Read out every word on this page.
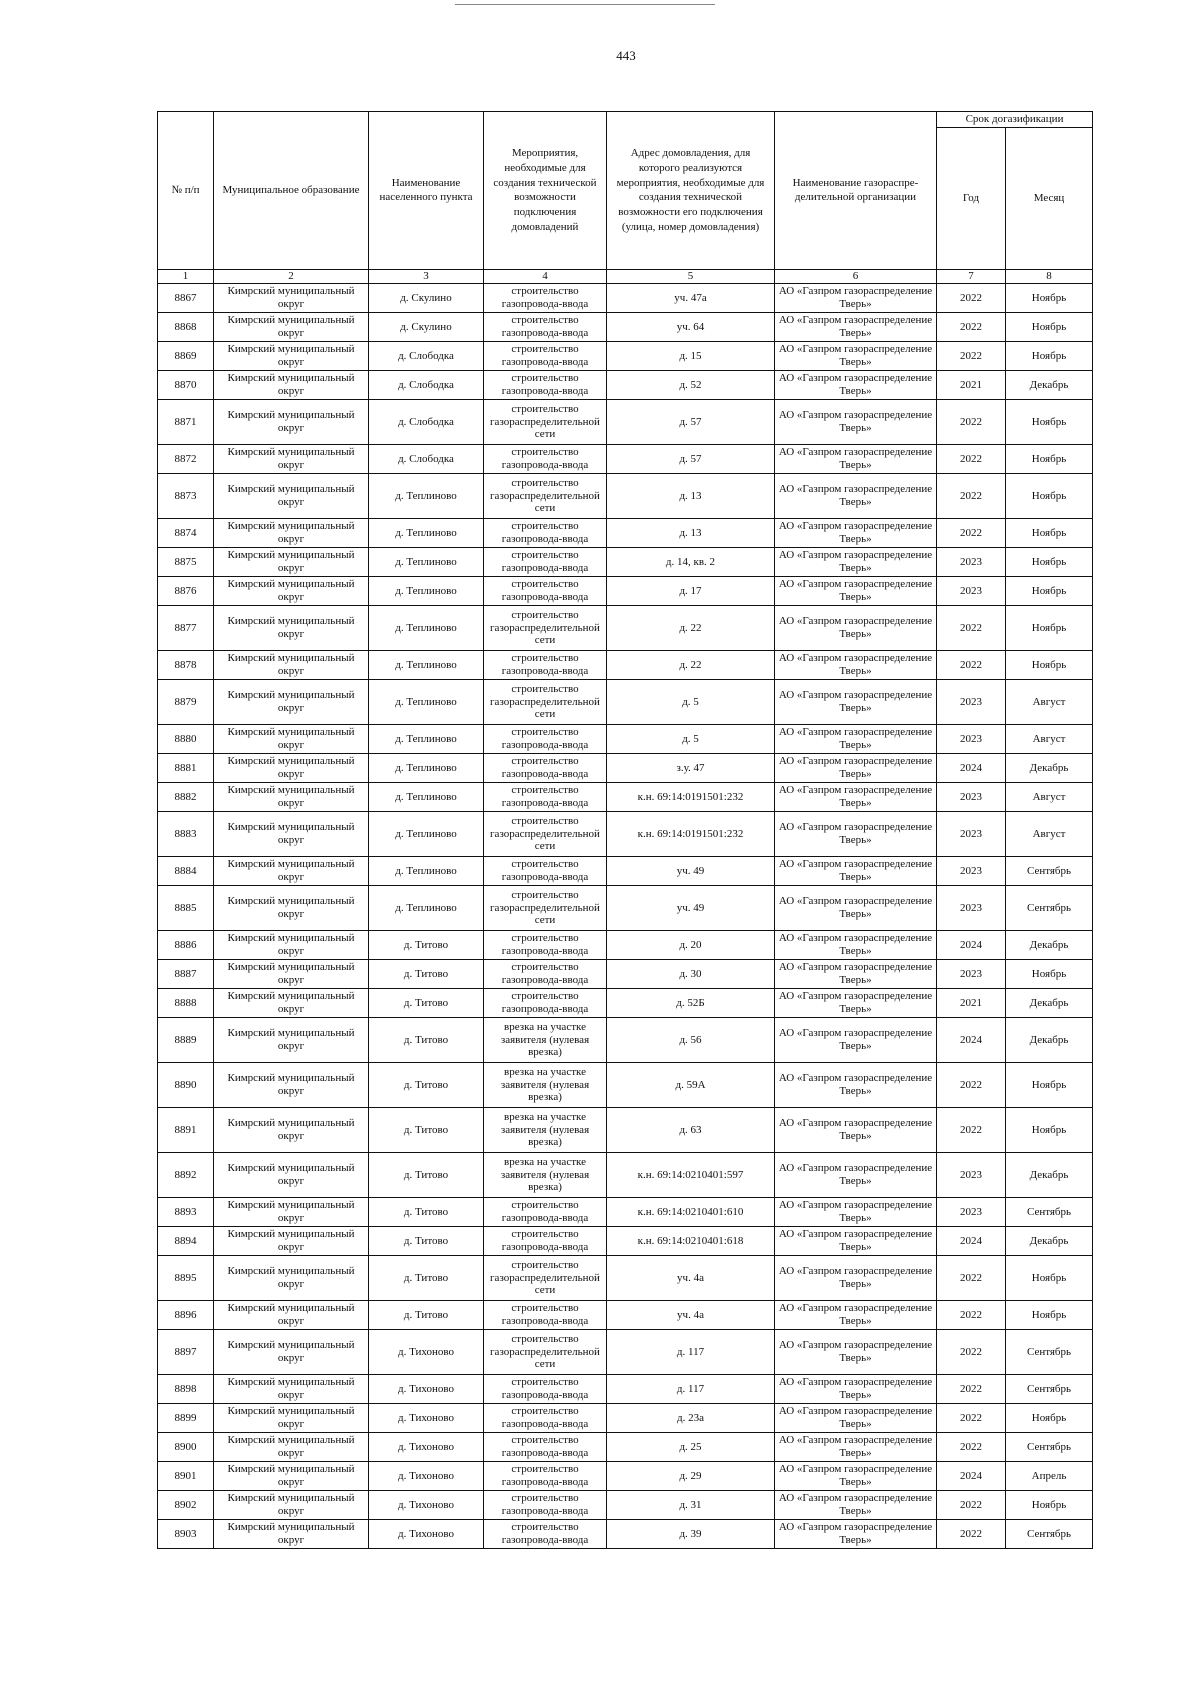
443
№ п/п	Муниципальное образование	Наименование населенного пункта	Мероприятия, необходимые для создания технической возможности подключения домовладений	Адрес домовладения, для которого реализуются мероприятия, необходимые для создания технической возможности его подключения (улица, номер домовладения)	Наименование газораспре-делительной организации	Срок догазификации	
						Год	Месяц
1	2	3	4	5	6	7	8
8867	Кимрский муниципальный округ	д. Скулино	строительство газопровода-ввода	уч. 47а	АО «Газпром газораспределение Тверь»	2022	Ноябрь
8868	Кимрский муниципальный округ	д. Скулино	строительство газопровода-ввода	уч. 64	АО «Газпром газораспределение Тверь»	2022	Ноябрь
8869	Кимрский муниципальный округ	д. Слободка	строительство газопровода-ввода	д. 15	АО «Газпром газораспределение Тверь»	2022	Ноябрь
8870	Кимрский муниципальный округ	д. Слободка	строительство газопровода-ввода	д. 52	АО «Газпром газораспределение Тверь»	2021	Декабрь
8871	Кимрский муниципальный округ	д. Слободка	строительство газораспределительной сети	д. 57	АО «Газпром газораспределение Тверь»	2022	Ноябрь
8872	Кимрский муниципальный округ	д. Слободка	строительство газопровода-ввода	д. 57	АО «Газпром газораспределение Тверь»	2022	Ноябрь
8873	Кимрский муниципальный округ	д. Теплиново	строительство газораспределительной сети	д. 13	АО «Газпром газораспределение Тверь»	2022	Ноябрь
8874	Кимрский муниципальный округ	д. Теплиново	строительство газопровода-ввода	д. 13	АО «Газпром газораспределение Тверь»	2022	Ноябрь
8875	Кимрский муниципальный округ	д. Теплиново	строительство газопровода-ввода	д. 14, кв. 2	АО «Газпром газораспределение Тверь»	2023	Ноябрь
8876	Кимрский муниципальный округ	д. Теплиново	строительство газопровода-ввода	д. 17	АО «Газпром газораспределение Тверь»	2023	Ноябрь
8877	Кимрский муниципальный округ	д. Теплиново	строительство газораспределительной сети	д. 22	АО «Газпром газораспределение Тверь»	2022	Ноябрь
8878	Кимрский муниципальный округ	д. Теплиново	строительство газопровода-ввода	д. 22	АО «Газпром газораспределение Тверь»	2022	Ноябрь
8879	Кимрский муниципальный округ	д. Теплиново	строительство газораспределительной сети	д. 5	АО «Газпром газораспределение Тверь»	2023	Август
8880	Кимрский муниципальный округ	д. Теплиново	строительство газопровода-ввода	д. 5	АО «Газпром газораспределение Тверь»	2023	Август
8881	Кимрский муниципальный округ	д. Теплиново	строительство газопровода-ввода	з.у. 47	АО «Газпром газораспределение Тверь»	2024	Декабрь
8882	Кимрский муниципальный округ	д. Теплиново	строительство газопровода-ввода	к.н. 69:14:0191501:232	АО «Газпром газораспределение Тверь»	2023	Август
8883	Кимрский муниципальный округ	д. Теплиново	строительство газораспределительной сети	к.н. 69:14:0191501:232	АО «Газпром газораспределение Тверь»	2023	Август
8884	Кимрский муниципальный округ	д. Теплиново	строительство газопровода-ввода	уч. 49	АО «Газпром газораспределение Тверь»	2023	Сентябрь
8885	Кимрский муниципальный округ	д. Теплиново	строительство газораспределительной сети	уч. 49	АО «Газпром газораспределение Тверь»	2023	Сентябрь
8886	Кимрский муниципальный округ	д. Титово	строительство газопровода-ввода	д. 20	АО «Газпром газораспределение Тверь»	2024	Декабрь
8887	Кимрский муниципальный округ	д. Титово	строительство газопровода-ввода	д. 30	АО «Газпром газораспределение Тверь»	2023	Ноябрь
8888	Кимрский муниципальный округ	д. Титово	строительство газопровода-ввода	д. 52Б	АО «Газпром газораспределение Тверь»	2021	Декабрь
8889	Кимрский муниципальный округ	д. Титово	врезка на участке заявителя (нулевая врезка)	д. 56	АО «Газпром газораспределение Тверь»	2024	Декабрь
8890	Кимрский муниципальный округ	д. Титово	врезка на участке заявителя (нулевая врезка)	д. 59А	АО «Газпром газораспределение Тверь»	2022	Ноябрь
8891	Кимрский муниципальный округ	д. Титово	врезка на участке заявителя (нулевая врезка)	д. 63	АО «Газпром газораспределение Тверь»	2022	Ноябрь
8892	Кимрский муниципальный округ	д. Титово	врезка на участке заявителя (нулевая врезка)	к.н. 69:14:0210401:597	АО «Газпром газораспределение Тверь»	2023	Декабрь
8893	Кимрский муниципальный округ	д. Титово	строительство газопровода-ввода	к.н. 69:14:0210401:610	АО «Газпром газораспределение Тверь»	2023	Сентябрь
8894	Кимрский муниципальный округ	д. Титово	строительство газопровода-ввода	к.н. 69:14:0210401:618	АО «Газпром газораспределение Тверь»	2024	Декабрь
8895	Кимрский муниципальный округ	д. Титово	строительство газораспределительной сети	уч. 4а	АО «Газпром газораспределение Тверь»	2022	Ноябрь
8896	Кимрский муниципальный округ	д. Титово	строительство газопровода-ввода	уч. 4а	АО «Газпром газораспределение Тверь»	2022	Ноябрь
8897	Кимрский муниципальный округ	д. Тихоново	строительство газораспределительной сети	д. 117	АО «Газпром газораспределение Тверь»	2022	Сентябрь
8898	Кимрский муниципальный округ	д. Тихоново	строительство газопровода-ввода	д. 117	АО «Газпром газораспределение Тверь»	2022	Сентябрь
8899	Кимрский муниципальный округ	д. Тихоново	строительство газопровода-ввода	д. 23а	АО «Газпром газораспределение Тверь»	2022	Ноябрь
8900	Кимрский муниципальный округ	д. Тихоново	строительство газопровода-ввода	д. 25	АО «Газпром газораспределение Тверь»	2022	Сентябрь
8901	Кимрский муниципальный округ	д. Тихоново	строительство газопровода-ввода	д. 29	АО «Газпром газораспределение Тверь»	2024	Апрель
8902	Кимрский муниципальный округ	д. Тихоново	строительство газопровода-ввода	д. 31	АО «Газпром газораспределение Тверь»	2022	Ноябрь
8903	Кимрский муниципальный округ	д. Тихоново	строительство газопровода-ввода	д. 39	АО «Газпром газораспределение Тверь»	2022	Сентябрь
